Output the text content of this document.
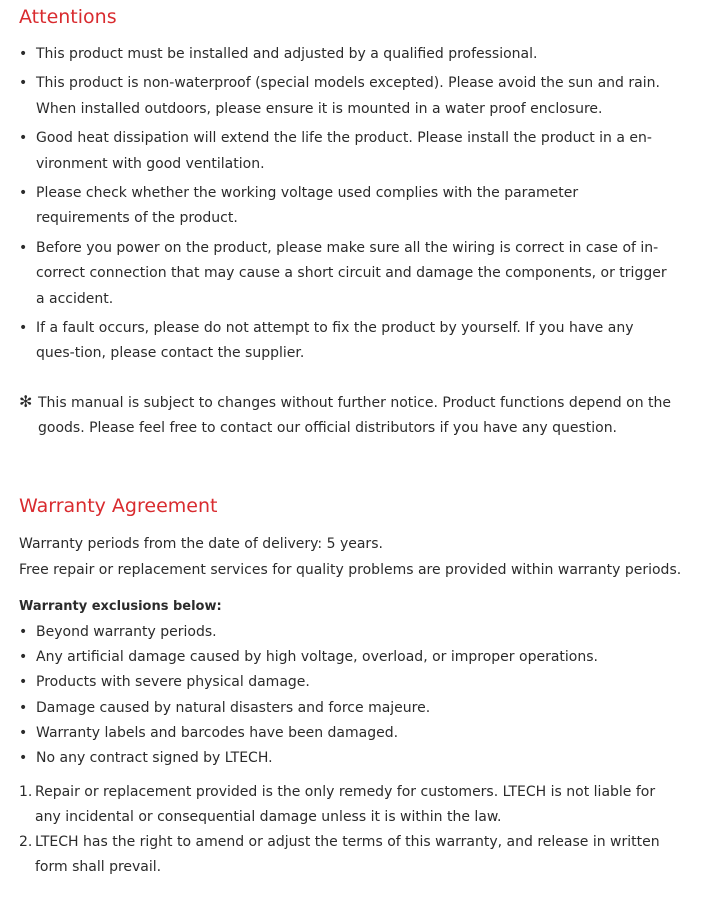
Attentions
• This product must be installed and adjusted by a qualified professional.
• This product is non-waterproof (special models excepted). Please avoid the sun and rain. When installed outdoors, please ensure it is mounted in a water proof enclosure.
• Good heat dissipation will extend the life the product. Please install the product in a en-vironment with good ventilation.
• Please check whether the working voltage used complies with the parameter requirements of the product.
• Before you power on the product, please make sure all the wiring is correct in case of in-correct connection that may cause a short circuit and damage the components, or trigger a accident.
• If a fault occurs, please do not attempt to fix the product by yourself. If you have any ques-tion, please contact the supplier.
✻ This manual is subject to changes without further notice. Product functions depend on the goods. Please feel free to contact our official distributors if you have any question.
Warranty Agreement

Warranty periods from the date of delivery: 5 years.

Free repair or replacement services for quality problems are provided within warranty periods.

Warranty exclusions below:

• Beyond warranty periods.
• Any artificial damage caused by high voltage, overload, or improper operations.
• Products with severe physical damage.
• Damage caused by natural disasters and force majeure.
• Warranty labels and barcodes have been damaged.
• No any contract signed by LTECH.
1. Repair or replacement provided is the only remedy for customers. LTECH is not liable for any incidental or consequential damage unless it is within the law.
2. LTECH has the right to amend or adjust the terms of this warranty, and release in written form shall prevail.
